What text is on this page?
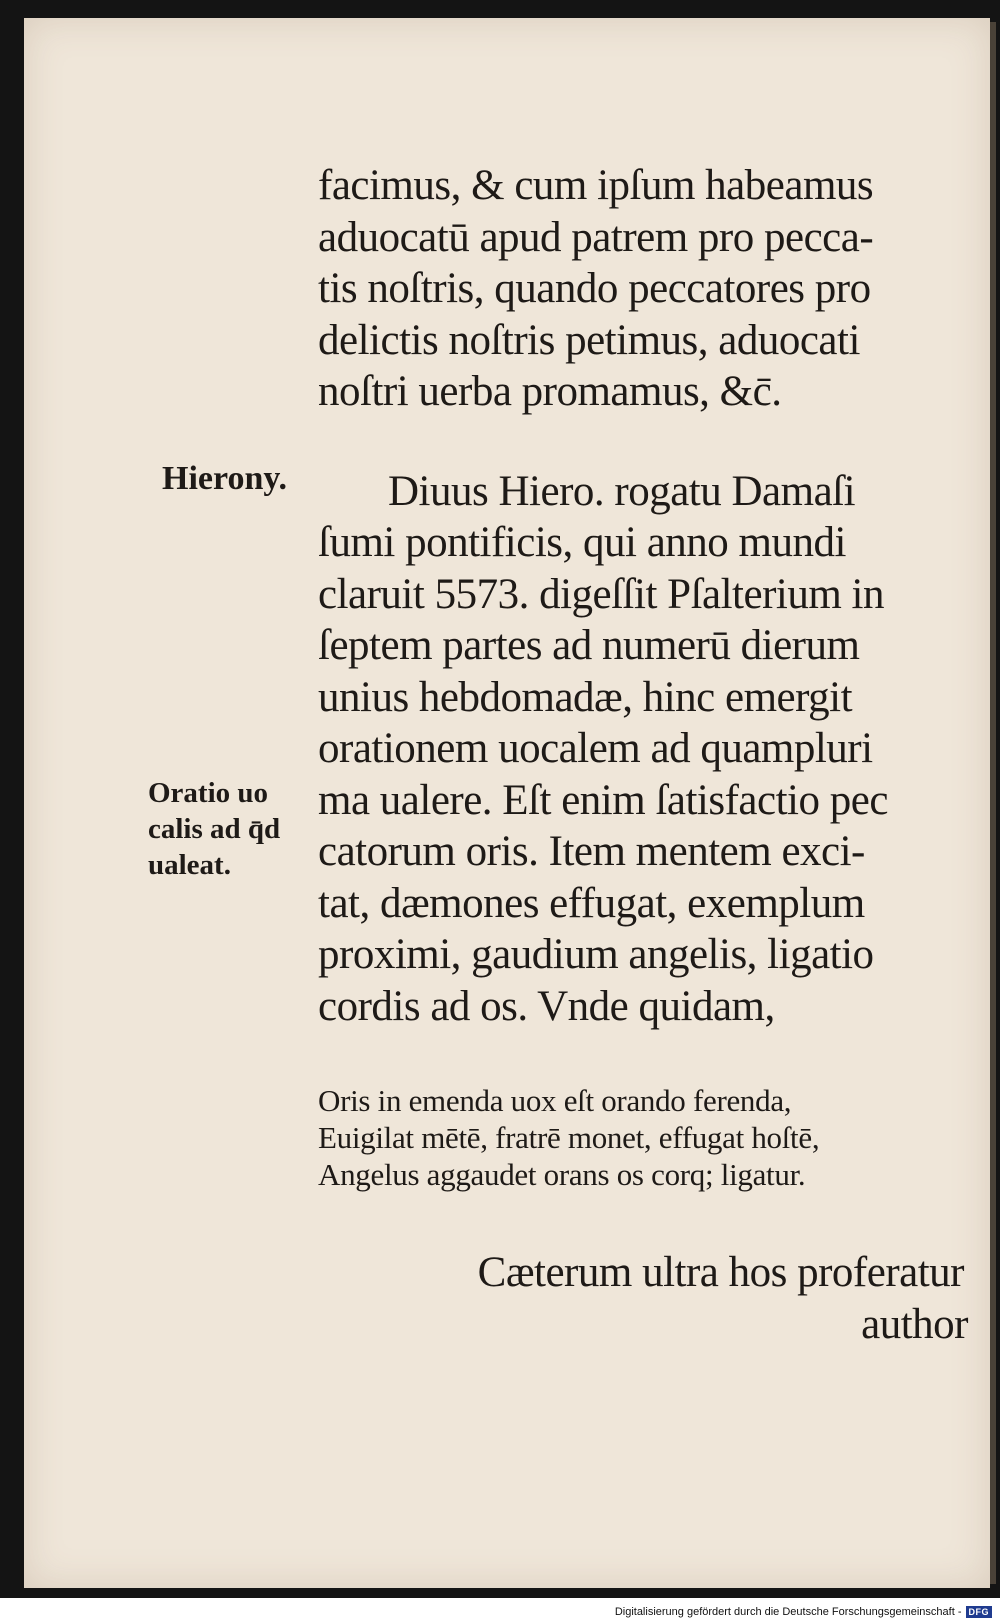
facimus, & cum ipſum habeamus
aduocatū apud patrem pro pecca-
tis noſtris, quando peccatores pro
delictis noſtris petimus, aduocati
noſtri uerba promamus, &c̄.

Diuus Hiero. rogatu Damaſi
ſumi pontificis, qui anno mundi
claruit 5573. digeſſit Pſalterium in
ſeptem partes ad numerū dierum
unius hebdomadæ, hinc emergit
orationem uocalem ad quampluri
ma ualere. Eſt enim ſatisfactio pec
catorum oris. Item mentem exci-
tat, dæmones effugat, exemplum
proximi, gaudium angelis, ligatio
cordis ad os. Vnde quidam,

Oris in emenda uox eſt orando ferenda,
Euigilat mētē, fratrē monet, effugat hoſtē,
Angelus aggaudet orans os corq; ligatur.

Cæterum ultra hos proferatur
author

Hierony.
Oratio uo
calis ad q̄d
ualeat.
Digitalisierung gefördert durch die Deutsche Forschungsgemeinschaft - DFG
